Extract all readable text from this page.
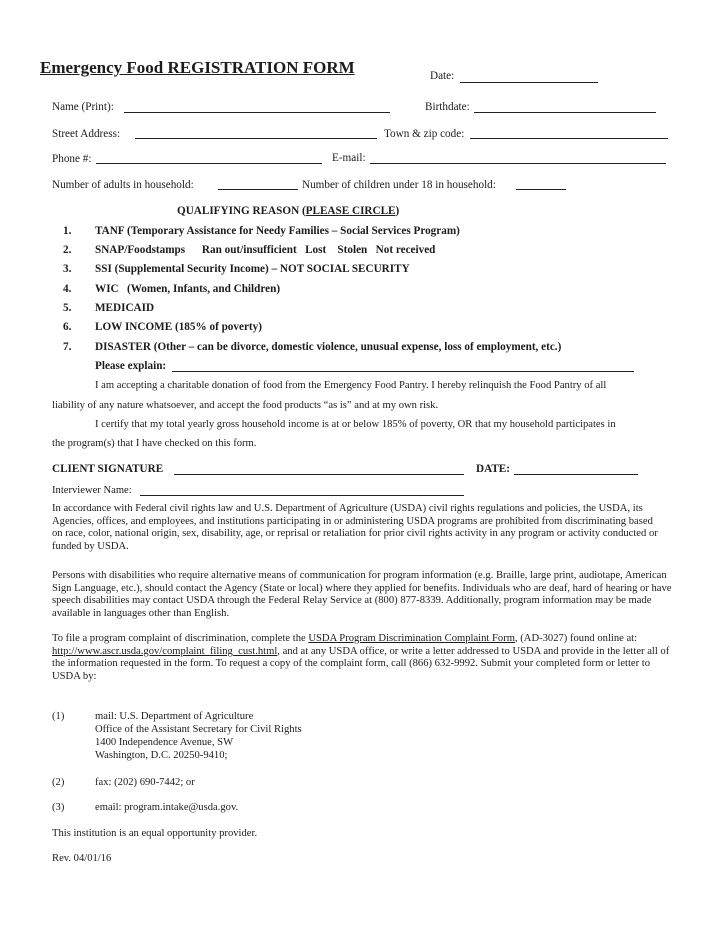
Emergency Food REGISTRATION FORM	Date:
Name (Print):	Birthdate:
Street Address:	Town & zip code:
Phone #:	E-mail:
Number of adults in household:	Number of children under 18 in household:
QUALIFYING REASON (PLEASE CIRCLE)
1. TANF (Temporary Assistance for Needy Families – Social Services Program)
2. SNAP/Foodstamps      Ran out/insufficient   Lost    Stolen   Not received
3. SSI (Supplemental Security Income) – NOT SOCIAL SECURITY
4. WIC   (Women, Infants, and Children)
5. MEDICAID
6. LOW INCOME (185% of poverty)
7. DISASTER (Other – can be divorce, domestic violence, unusual expense, loss of employment, etc.)
Please explain:
I am accepting a charitable donation of food from the Emergency Food Pantry. I hereby relinquish the Food Pantry of all
liability of any nature whatsoever, and accept the food products “as is” and at my own risk.
I certify that my total yearly gross household income is at or below 185% of poverty, OR that my household participates in
the program(s) that I have checked on this form.
CLIENT SIGNATURE	DATE:
Interviewer Name:
In accordance with Federal civil rights law and U.S. Department of Agriculture (USDA) civil rights regulations and policies, the USDA, its Agencies, offices, and employees, and institutions participating in or administering USDA programs are prohibited from discriminating based on race, color, national origin, sex, disability, age, or reprisal or retaliation for prior civil rights activity in any program or activity conducted or funded by USDA.
Persons with disabilities who require alternative means of communication for program information (e.g. Braille, large print, audiotape, American Sign Language, etc.), should contact the Agency (State or local) where they applied for benefits. Individuals who are deaf, hard of hearing or have speech disabilities may contact USDA through the Federal Relay Service at (800) 877-8339. Additionally, program information may be made available in languages other than English.
To file a program complaint of discrimination, complete the USDA Program Discrimination Complaint Form, (AD-3027) found online at:
http://www.ascr.usda.gov/complaint_filing_cust.html, and at any USDA office, or write a letter addressed to USDA and provide in the letter all of the information requested in the form. To request a copy of the complaint form, call (866) 632-9992. Submit your completed form or letter to USDA by:
(1)	mail: U.S. Department of Agriculture
Office of the Assistant Secretary for Civil Rights
1400 Independence Avenue, SW
Washington, D.C. 20250-9410;
(2)	fax: (202) 690-7442; or
(3)	email: program.intake@usda.gov.
This institution is an equal opportunity provider.
Rev. 04/01/16
